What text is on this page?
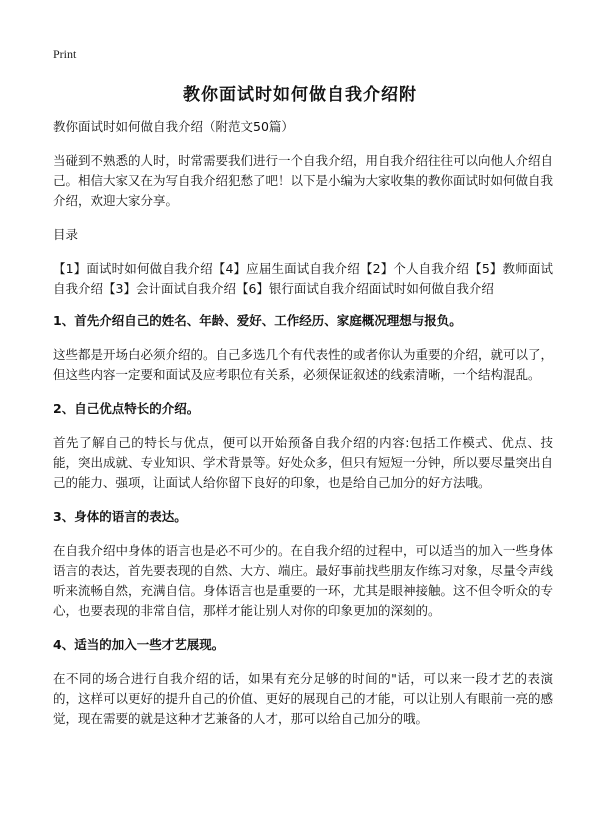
Print
教你面试时如何做自我介绍附

教你面试时如何做自我介绍（附范文50篇）

当碰到不熟悉的人时，时常需要我们进行一个自我介绍，用自我介绍往往可以向他人介绍自己。相信大家又在为写自我介绍犯愁了吧！以下是小编为大家收集的教你面试时如何做自我介绍，欢迎大家分享。

目录

【1】面试时如何做自我介绍【4】应届生面试自我介绍【2】个人自我介绍【5】教师面试自我介绍【3】会计面试自我介绍【6】银行面试自我介绍面试时如何做自我介绍

1、首先介绍自己的姓名、年龄、爱好、工作经历、家庭概况理想与报负。

这些都是开场白必须介绍的。自己多选几个有代表性的或者你认为重要的介绍，就可以了，但这些内容一定要和面试及应考职位有关系，必须保证叙述的线索清晰，一个结构混乱。

2、自己优点特长的介绍。

首先了解自己的特长与优点，便可以开始预备自我介绍的内容:包括工作模式、优点、技能，突出成就、专业知识、学术背景等。好处众多，但只有短短一分钟，所以要尽量突出自己的能力、强项，让面试人给你留下良好的印象，也是给自己加分的好方法哦。

3、身体的语言的表达。

在自我介绍中身体的语言也是必不可少的。在自我介绍的过程中，可以适当的加入一些身体语言的表达，首先要表现的自然、大方、端庄。最好事前找些朋友作练习对象，尽量令声线听来流畅自然，充满自信。身体语言也是重要的一环，尤其是眼神接触。这不但令听众的专心，也要表现的非常自信，那样才能让别人对你的印象更加的深刻的。

4、适当的加入一些才艺展现。

在不同的场合进行自我介绍的话，如果有充分足够的时间的"话，可以来一段才艺的表演的，这样可以更好的提升自己的价值、更好的展现自己的才能，可以让别人有眼前一亮的感觉，现在需要的就是这种才艺兼备的人才，那可以给自己加分的哦。
